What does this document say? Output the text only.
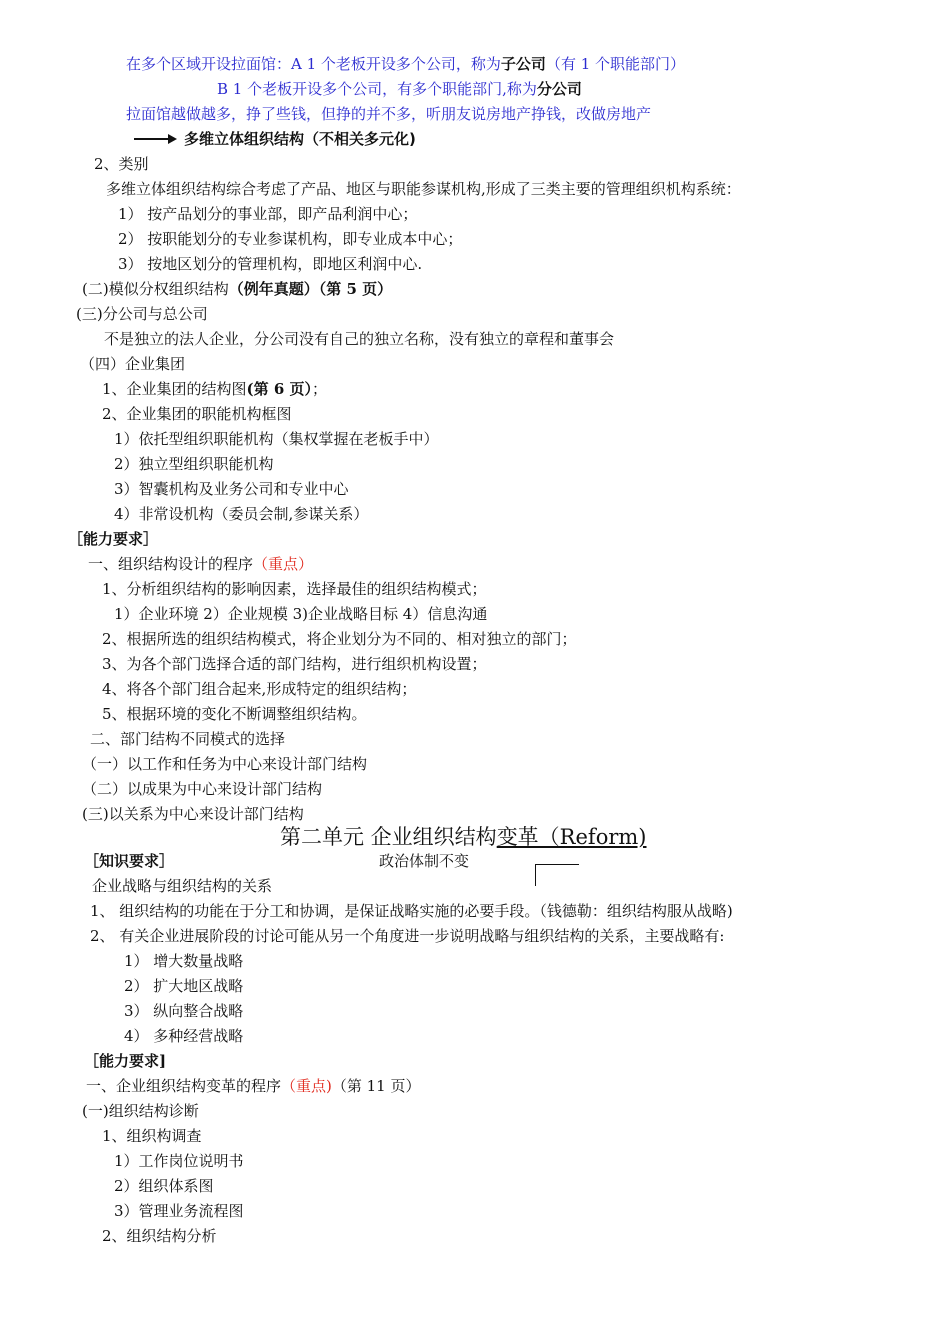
在多个区域开设拉面馆：A 1 个老板开设多个公司，称为子公司（有 1 个职能部门）
B 1 个老板开设多个公司，有多个职能部门,称为分公司
拉面馆越做越多，挣了些钱，但挣的并不多，听朋友说房地产挣钱，改做房地产
多维立体组织结构（不相关多元化)
2、类别
多维立体组织结构综合考虑了产品、地区与职能参谋机构,形成了三类主要的管理组织机构系统：
1） 按产品划分的事业部，即产品利润中心；
2） 按职能划分的专业参谋机构，即专业成本中心；
3） 按地区划分的管理机构，即地区利润中心.
(二)模似分权组织结构（例年真题）（第 5 页）
(三)分公司与总公司
不是独立的法人企业，分公司没有自己的独立名称，没有独立的章程和董事会
（四）企业集团
1、企业集团的结构图(第 6 页）；
2、企业集团的职能机构框图
1）依托型组织职能机构（集权掌握在老板手中）
2）独立型组织职能机构
3）智囊机构及业务公司和专业中心
4）非常设机构（委员会制,参谋关系）
［能力要求］
一、组织结构设计的程序（重点）
1、分析组织结构的影响因素，选择最佳的组织结构模式；
1）企业环境 2）企业规模 3)企业战略目标 4）信息沟通
2、根据所选的组织结构模式，将企业划分为不同的、相对独立的部门；
3、为各个部门选择合适的部门结构，进行组织机构设置；
4、将各个部门组合起来,形成特定的组织结构；
5、根据环境的变化不断调整组织结构。
二、部门结构不同模式的选择
（一）以工作和任务为中心来设计部门结构
（二）以成果为中心来设计部门结构
(三)以关系为中心来设计部门结构
第二单元 企业组织结构变革（Reform)
［知识要求］	政治体制不变
企业战略与组织结构的关系
1、 组织结构的功能在于分工和协调，是保证战略实施的必要手段。（钱德勒：组织结构服从战略)
2、 有关企业进展阶段的讨论可能从另一个角度进一步说明战略与组织结构的关系，主要战略有:
1） 增大数量战略
2） 扩大地区战略
3） 纵向整合战略
4） 多种经营战略
［能力要求]
一、企业组织结构变革的程序（重点)（第 11 页）
(一)组织结构诊断
1、组织构调查
1）工作岗位说明书
2）组织体系图
3）管理业务流程图
2、组织结构分析
